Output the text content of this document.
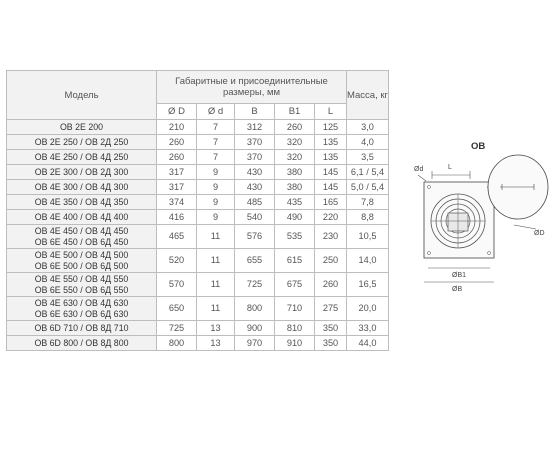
Модель	Габаритные и присоединительные размеры, мм					Масса, кг
	Ø D	Ø d	B	B1	L	

OB 2E 200	210	7	312	260	125	3,0

OB 2E 250 / OB 2Д 250	260	7	370	320	135	4,0

OB 4E 250 / OB 4Д 250	260	7	370	320	135	3,5

OB 2E 300 / OB 2Д 300	317	9	430	380	145	6,1 / 5,4

OB 4E 300 / OB 4Д 300	317	9	430	380	145	5,0 / 5,4

OB 4E 350 / OB 4Д 350	374	9	485	435	165	7,8

OB 4E 400 / OB 4Д 400	416	9	540	490	220	8,8

OB 4E 450 / OB 4Д 450
OB 6E 450 / OB 6Д 450	465	11	576	535	230	10,5

OB 4E 500 / OB 4Д 500
OB 6E 500 / OB 6Д 500	520	11	655	615	250	14,0

OB 4E 550 / OB 4Д 550
OB 6E 550 / OB 6Д 550	570	11	725	675	260	16,5

OB 4E 630 / OB 4Д 630
OB 6E 630 / OB 6Д 630	650	11	800	710	275	20,0

OB 6D 710 / OB 8Д 710	725	13	900	810	350	33,0

OB 6D 800 / OB 8Д 800	800	13	970	910	350	44,0
OB
Ød	L
ØD
ØB1
ØB
